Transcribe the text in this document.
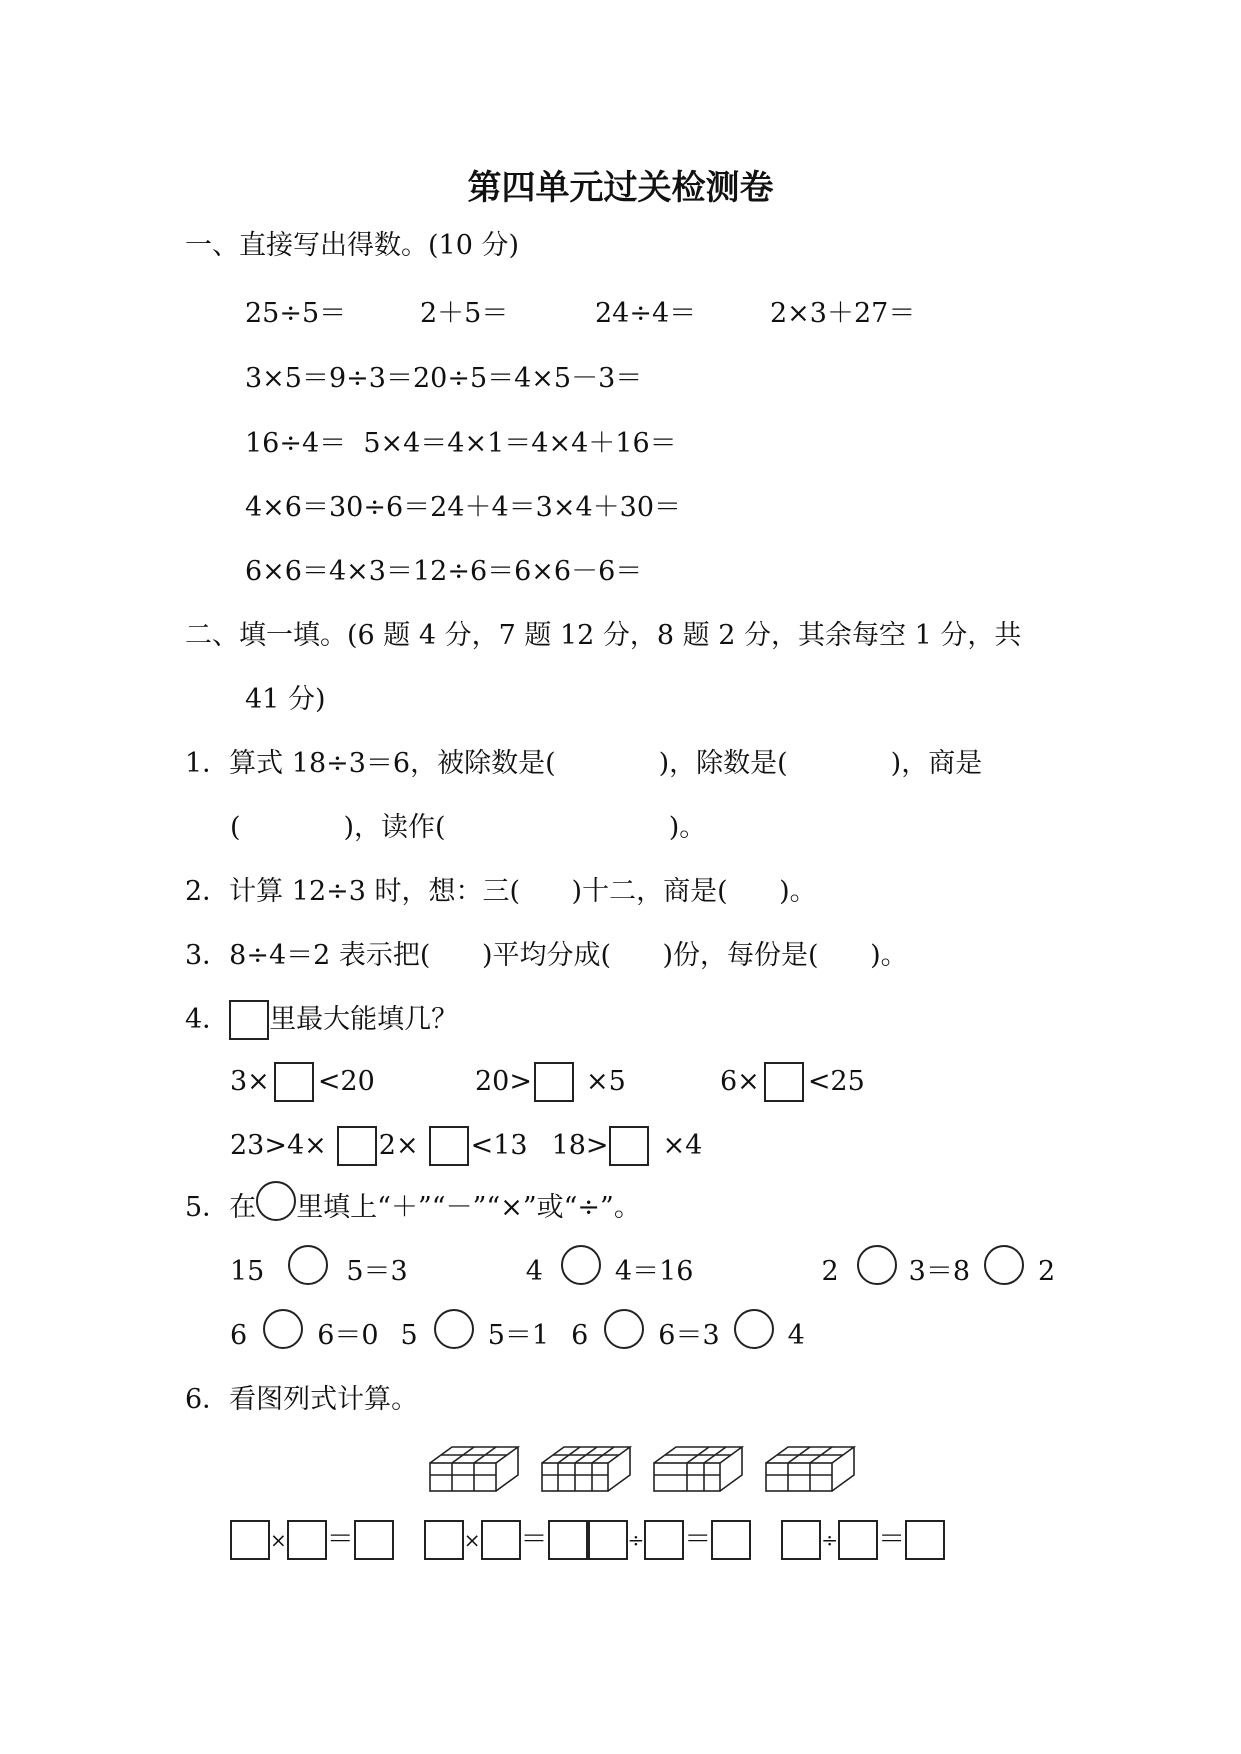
第四单元过关检测卷
一、直接写出得数。(10 分)
25÷5＝	2＋5＝	24÷4＝	2×3＋27＝
3×5＝9÷3＝20÷5＝4×5－3＝
16÷4＝  5×4＝4×1＝4×4＋16＝
4×6＝30÷6＝24＋4＝3×4＋30＝
6×6＝4×3＝12÷6＝6×6－6＝
二、填一填。(6 题 4 分，7 题 12 分，8 题 2 分，其余每空 1 分，共
41 分)
1．算式 18÷3＝6，被除数是(            )，除数是(            )，商是
(            )，读作(                          )。
2．计算 12÷3 时，想：三(      )十二，商是(      )。
3．8÷4＝2 表示把(      )平均分成(      )份，每份是(      )。
4． 里最大能填几？
3× <20	20> ×5	6× <25
23>4× 2× <13 18> ×4
5．在 里填上“＋”“－”“×”或“÷”。
15	5＝3	4	4＝16	2	3＝8	2
6	6＝0 5	5＝1 6	6＝3	4
6．看图列式计算。
× ＝	× ＝	÷ ＝	÷ ＝
